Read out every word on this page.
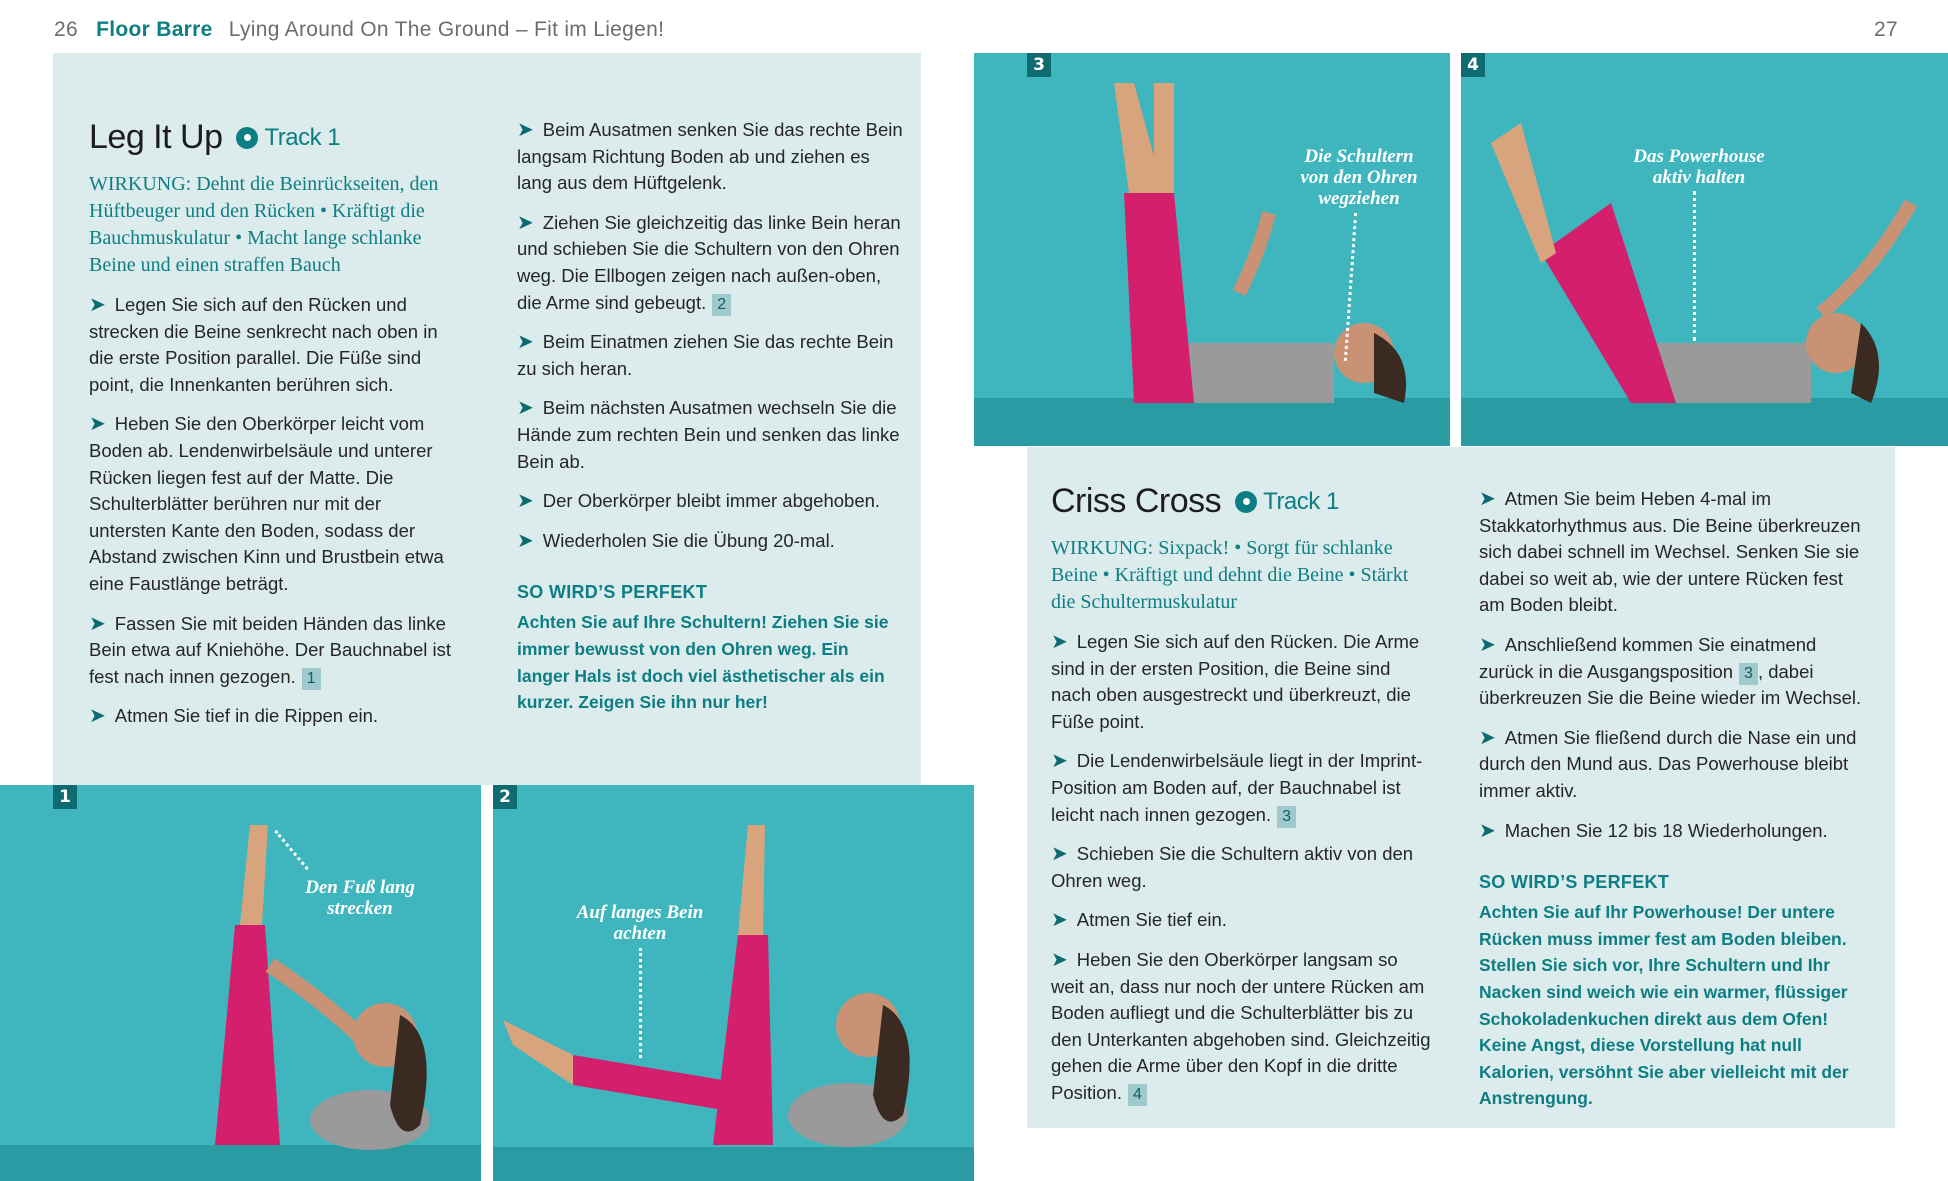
26 Floor Barre Lying Around On The Ground – Fit im Liegen!	27
Leg It Up Track 1
WIRKUNG: Dehnt die Beinrückseiten, den Hüftbeuger und den Rücken • Kräftigt die Bauchmuskulatur • Macht lange schlanke Beine und einen straffen Bauch
➤ Legen Sie sich auf den Rücken und strecken die Beine senkrecht nach oben in die erste Position parallel. Die Füße sind point, die Innenkanten berühren sich.
➤ Heben Sie den Oberkörper leicht vom Boden ab. Lendenwirbelsäule und unterer Rücken liegen fest auf der Matte. Die Schulterblätter berühren nur mit der untersten Kante den Boden, sodass der Abstand zwischen Kinn und Brustbein etwa eine Faustlänge beträgt.
➤ Fassen Sie mit beiden Händen das linke Bein etwa auf Kniehöhe. Der Bauchnabel ist fest nach innen gezogen. 1
➤ Atmen Sie tief in die Rippen ein.
➤ Beim Ausatmen senken Sie das rechte Bein langsam Richtung Boden ab und ziehen es lang aus dem Hüftgelenk.
➤ Ziehen Sie gleichzeitig das linke Bein heran und schieben Sie die Schultern von den Ohren weg. Die Ellbogen zeigen nach außen-oben, die Arme sind gebeugt. 2
➤ Beim Einatmen ziehen Sie das rechte Bein zu sich heran.
➤ Beim nächsten Ausatmen wechseln Sie die Hände zum rechten Bein und senken das linke Bein ab.
➤ Der Oberkörper bleibt immer abgehoben.
➤ Wiederholen Sie die Übung 20-mal.
SO WIRD’S PERFEKT
Achten Sie auf Ihre Schultern! Ziehen Sie sie immer bewusst von den Ohren weg. Ein langer Hals ist doch viel ästhetischer als ein kurzer. Zeigen Sie ihn nur her!
Criss Cross Track 1
WIRKUNG: Sixpack! • Sorgt für schlanke Beine • Kräftigt und dehnt die Beine • Stärkt die Schultermuskulatur
➤ Legen Sie sich auf den Rücken. Die Arme sind in der ersten Position, die Beine sind nach oben ausgestreckt und überkreuzt, die Füße point.
➤ Die Lendenwirbelsäule liegt in der Imprint-Position am Boden auf, der Bauchnabel ist leicht nach innen gezogen. 3
➤ Schieben Sie die Schultern aktiv von den Ohren weg.
➤ Atmen Sie tief ein.
➤ Heben Sie den Oberkörper langsam so weit an, dass nur noch der untere Rücken am Boden aufliegt und die Schulterblätter bis zu den Unterkanten abgehoben sind. Gleichzeitig gehen die Arme über den Kopf in die dritte Position. 4
➤ Atmen Sie beim Heben 4-mal im Stakkatorhythmus aus. Die Beine überkreuzen sich dabei schnell im Wechsel. Senken Sie sie dabei so weit ab, wie der untere Rücken fest am Boden bleibt.
➤ Anschließend kommen Sie einatmend zurück in die Ausgangsposition 3 , dabei überkreuzen Sie die Beine wieder im Wechsel.
➤ Atmen Sie fließend durch die Nase ein und durch den Mund aus. Das Powerhouse bleibt immer aktiv.
➤ Machen Sie 12 bis 18 Wiederholungen.
SO WIRD’S PERFEKT
Achten Sie auf Ihr Powerhouse! Der untere Rücken muss immer fest am Boden bleiben. Stellen Sie sich vor, Ihre Schultern und Ihr Nacken sind weich wie ein warmer, flüssiger Schokoladenkuchen direkt aus dem Ofen! Keine Angst, diese Vorstellung hat null Kalorien, versöhnt Sie aber vielleicht mit der Anstrengung.
1
Den Fuß lang
strecken
2
Auf langes Bein
achten
3
Die Schultern
von den Ohren
wegziehen
4
Das Powerhouse
aktiv halten
